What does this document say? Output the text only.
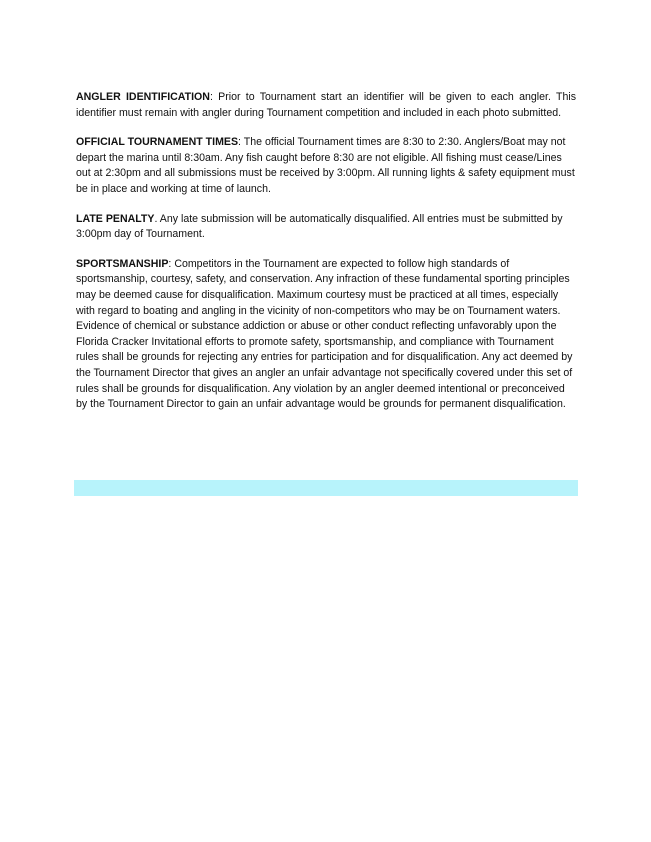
ANGLER IDENTIFICATION: Prior to Tournament start an identifier will be given to each angler. This identifier must remain with angler during Tournament competition and included in each photo submitted.

OFFICIAL TOURNAMENT TIMES: The official Tournament times are 8:30 to 2:30. Anglers/Boat may not depart the marina until 8:30am. Any fish caught before 8:30 are not eligible. All fishing must cease/Lines out at 2:30pm and all submissions must be received by 3:00pm. All running lights & safety equipment must be in place and working at time of launch.

LATE PENALTY. Any late submission will be automatically disqualified. All entries must be submitted by 3:00pm day of Tournament.

SPORTSMANSHIP: Competitors in the Tournament are expected to follow high standards of sportsmanship, courtesy, safety, and conservation. Any infraction of these fundamental sporting principles may be deemed cause for disqualification. Maximum courtesy must be practiced at all times, especially with regard to boating and angling in the vicinity of non-competitors who may be on Tournament waters. Evidence of chemical or substance addiction or abuse or other conduct reflecting unfavorably upon the Florida Cracker Invitational efforts to promote safety, sportsmanship, and compliance with Tournament rules shall be grounds for rejecting any entries for participation and for disqualification. Any act deemed by the Tournament Director that gives an angler an unfair advantage not specifically covered under this set of rules shall be grounds for disqualification. Any violation by an angler deemed intentional or preconceived by the Tournament Director to gain an unfair advantage would be grounds for permanent disqualification.
